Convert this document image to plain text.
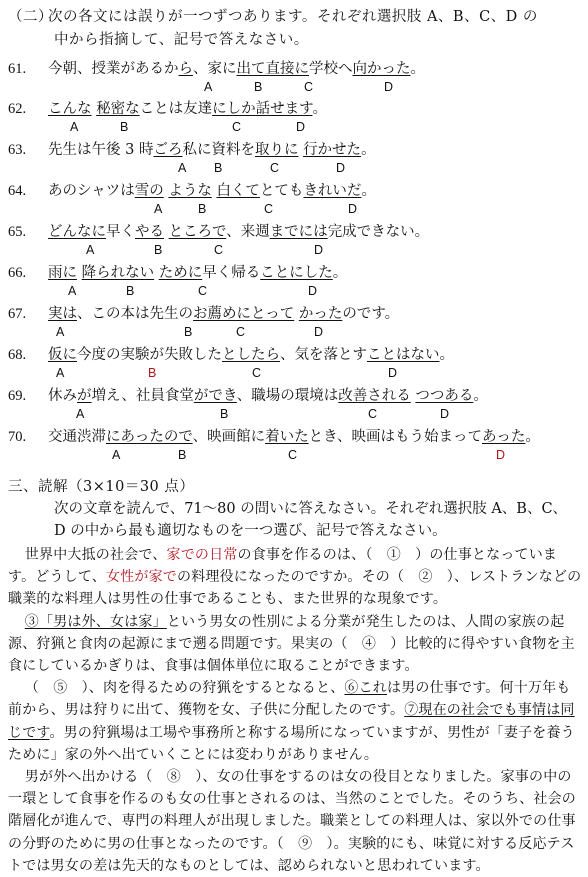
（二）次の各文には誤りが一つずつあります。それぞれ選択肢 A、B、C、D の
中から指摘して、記号で答えなさい。
61. 今朝、授業があるから、家に出て直接に学校へ向かった。
A	B	C	D
62. こんな 秘密なことは友達にしか話せます。
A	B	C	D
63. 先生は午後 3 時ごろ私に資料を取りに 行かせた。
A B	C	D
64. あのシャツは雪の ような 白くてとてもきれいだ。
A	B	C	D
65. どんなに早くやる ところで、来週までには完成できない。
A	B	C	D
66. 雨に 降られない ために早く帰ることにした。
A	B	C	D
67. 実は、この本は先生のお薦めにとって かったのです。
A	B	C	D
68. 仮に今度の実験が失敗したとしたら、気を落とすことはない。
A	B	C	D
69. 休みが増え、社員食堂ができ、職場の環境は改善される つつある。
A	B	C	D
70. 交通渋滞にあったので、映画館に着いたとき、映画はもう始まってあった。
A	B	C	D
三、読解（3×10＝30 点）
次の文章を読んで、71～80 の問いに答えなさい。それぞれ選択肢 A、B、C、
D の中から最も適切なものを一つ選び、記号で答えなさい。

世界中大抵の社会で、家での日常の食事を作るのは、（　①　）の仕事となっています。どうして、女性が家での料理役になったのですか。その（　②　）、レストランなどの職業的な料理人は男性の仕事であることも、また世界的な現象です。

③「男は外、女は家」という男女の性別による分業が発生したのは、人間の家族の起源、狩猟と食肉の起源にまで遡る問題です。果実の（　④　）比較的に得やすい食物を主食にしているかぎりは、食事は個体単位に取ることができます。

（　⑤　）、肉を得るための狩猟をするとなると、⑥これは男の仕事です。何十万年も前から、男は狩りに出て、獲物を女、子供に分配したのです。⑦現在の社会でも事情は同じです。男の狩猟場は工場や事務所と称する場所になっていますが、男性が「妻子を養うために」家の外へ出ていくことには変わりがありません。

男が外へ出かける（　⑧　）、女の仕事をするのは女の役目となりました。家事の中の一環として食事を作るのも女の仕事とされるのは、当然のことでした。そのうち、社会の階層化が進んで、専門の料理人が出現しました。職業としての料理人は、家以外での仕事の分野のために男の仕事となったのです。（　⑨　）。実験的にも、味覚に対する反応テストでは男女の差は先天的なものとしては、認められないと思われています。
